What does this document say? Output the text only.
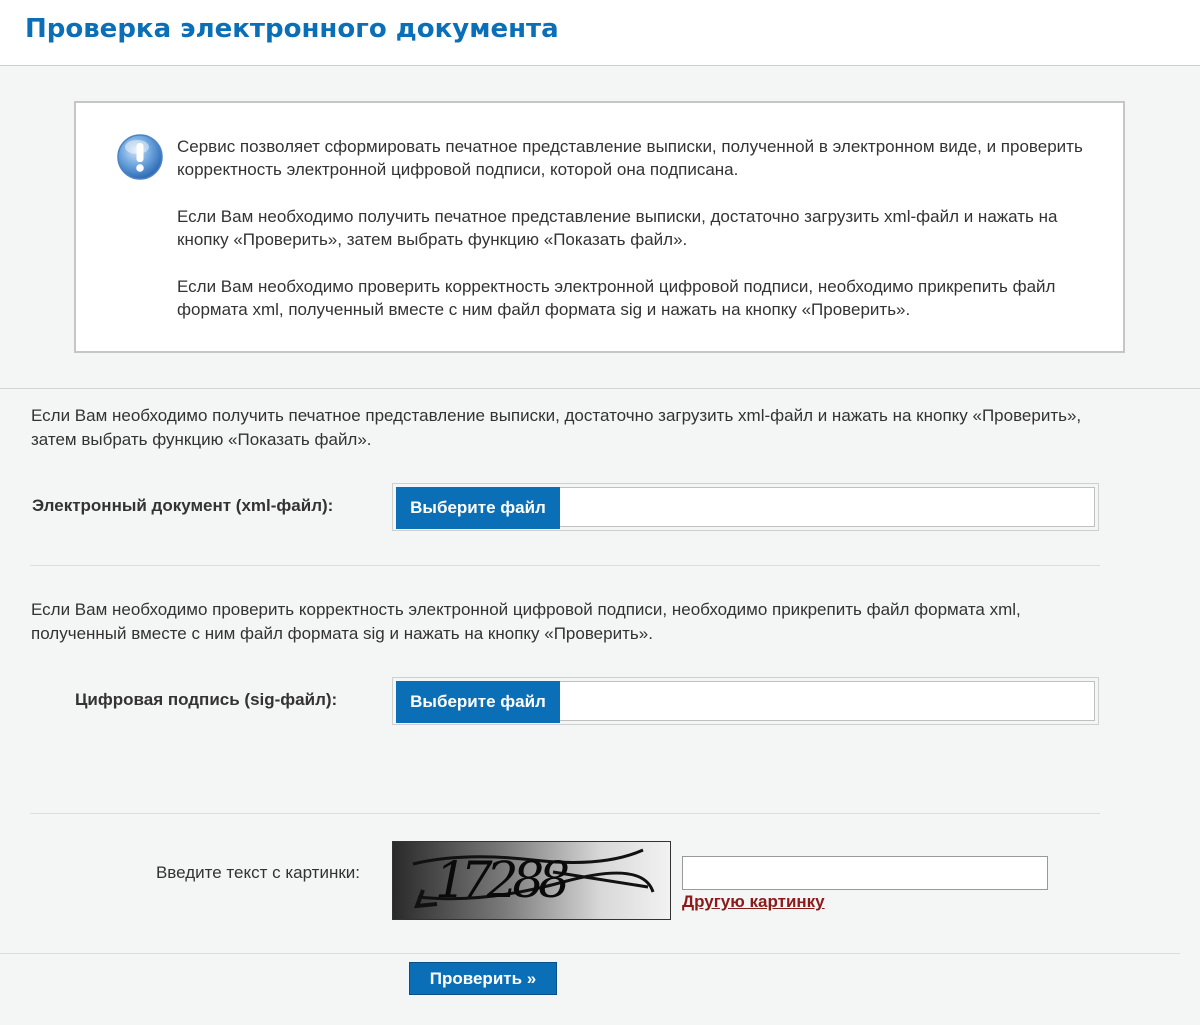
Проверка электронного документа

Сервис позволяет сформировать печатное представление выписки, полученной в электронном виде, и проверить корректность электронной цифровой подписи, которой она подписана.

Если Вам необходимо получить печатное представление выписки, достаточно загрузить xml-файл и нажать на кнопку «Проверить», затем выбрать функцию «Показать файл».

Если Вам необходимо проверить корректность электронной цифровой подписи, необходимо прикрепить файл формата xml, полученный вместе с ним файл формата sig и нажать на кнопку «Проверить».

Если Вам необходимо получить печатное представление выписки, достаточно загрузить xml-файл и нажать на кнопку «Проверить», затем выбрать функцию «Показать файл».
Электронный документ (xml-файл):	Выберите файл
Если Вам необходимо проверить корректность электронной цифровой подписи, необходимо прикрепить файл формата xml, полученный вместе с ним файл формата sig и нажать на кнопку «Проверить».
Цифровая подпись (sig-файл):	Выберите файл
Введите текст с картинки: 17288	Другую картинку
Проверить »
